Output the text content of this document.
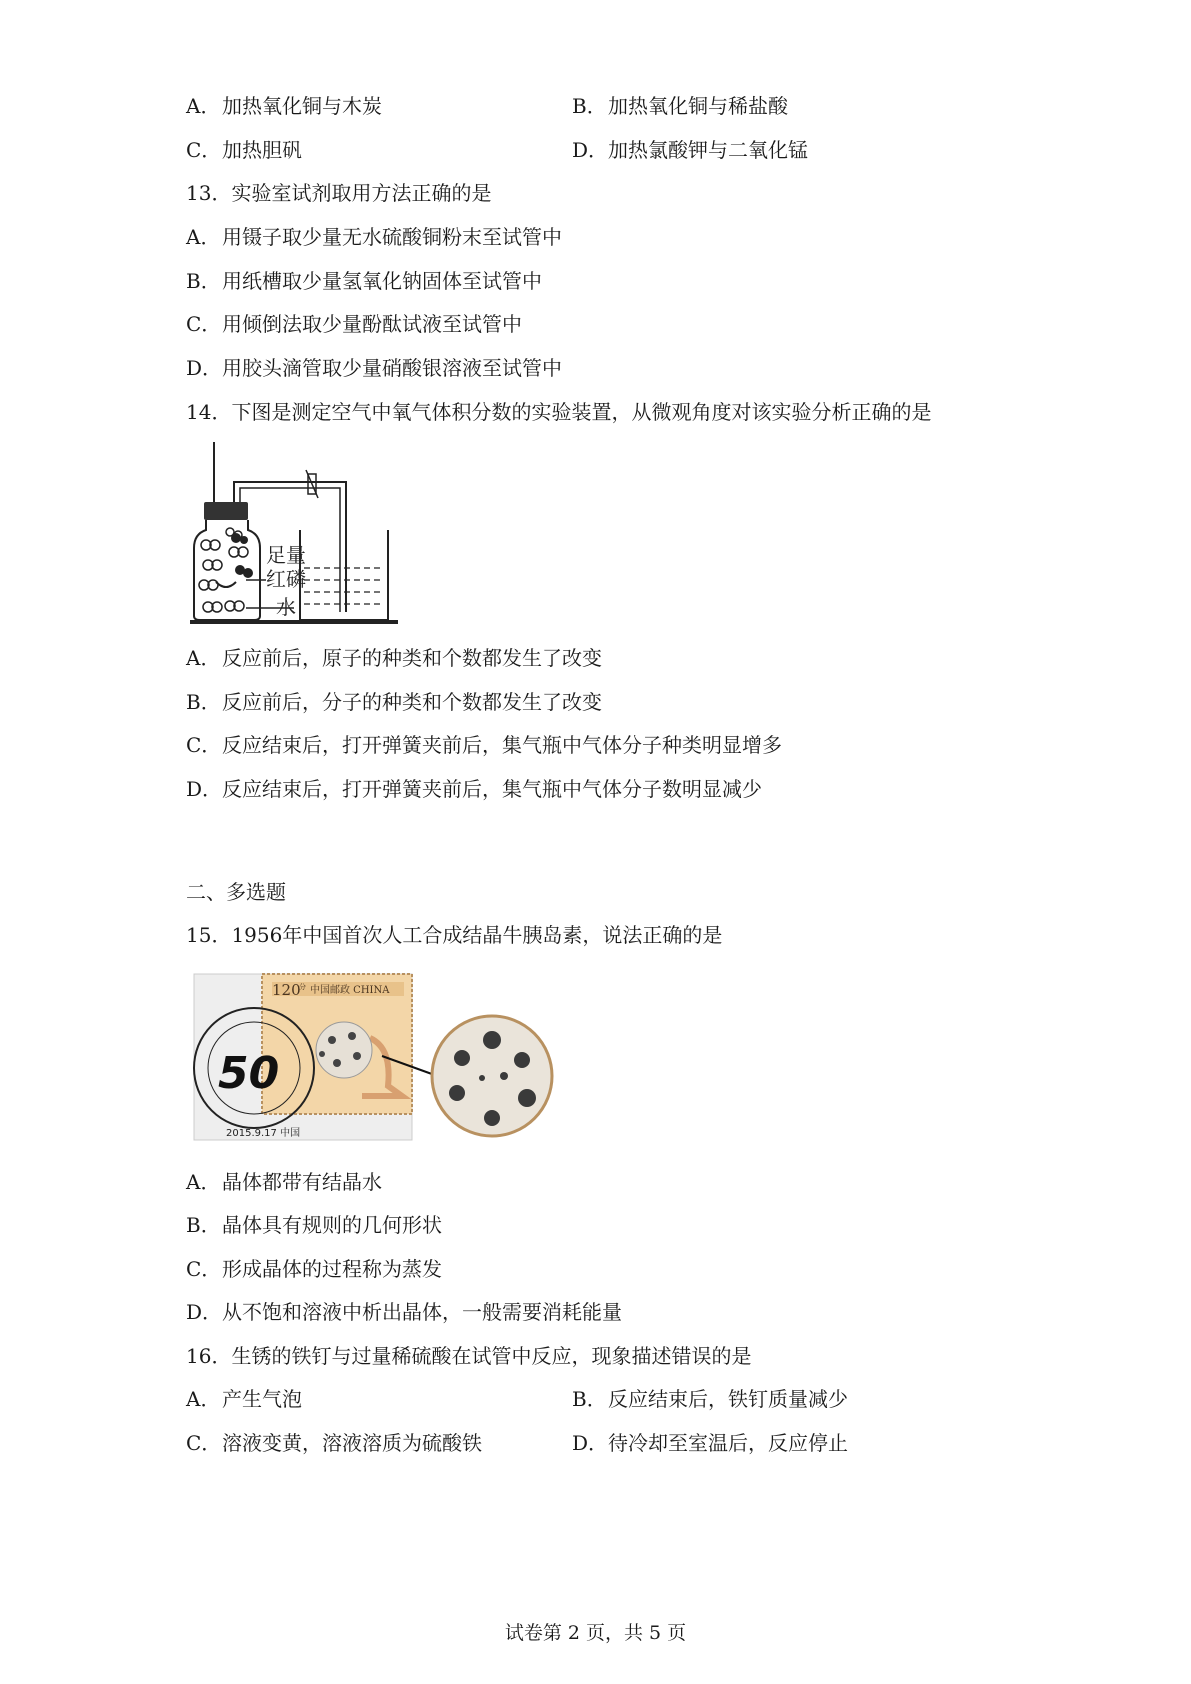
A．加热氧化铜与木炭	B．加热氧化铜与稀盐酸
C．加热胆矾	D．加热氯酸钾与二氧化锰
13．实验室试剂取用方法正确的是
A．用镊子取少量无水硫酸铜粉末至试管中
B．用纸槽取少量氢氧化钠固体至试管中
C．用倾倒法取少量酚酞试液至试管中
D．用胶头滴管取少量硝酸银溶液至试管中
14．下图是测定空气中氧气体积分数的实验装置，从微观角度对该实验分析正确的是
足量
红磷
水
A．反应前后，原子的种类和个数都发生了改变
B．反应前后，分子的种类和个数都发生了改变
C．反应结束后，打开弹簧夹前后，集气瓶中气体分子种类明显增多
D．反应结束后，打开弹簧夹前后，集气瓶中气体分子数明显减少
二、多选题
15．1956年中国首次人工合成结晶牛胰岛素，说法正确的是
120
分 中国邮政 CHINA
50
2015.9.17 中国
A．晶体都带有结晶水
B．晶体具有规则的几何形状
C．形成晶体的过程称为蒸发
D．从不饱和溶液中析出晶体，一般需要消耗能量
16．生锈的铁钉与过量稀硫酸在试管中反应，现象描述错误的是
A．产生气泡	B．反应结束后，铁钉质量减少
C．溶液变黄，溶液溶质为硫酸铁	D．待冷却至室温后，反应停止
试卷第 2 页，共 5 页
